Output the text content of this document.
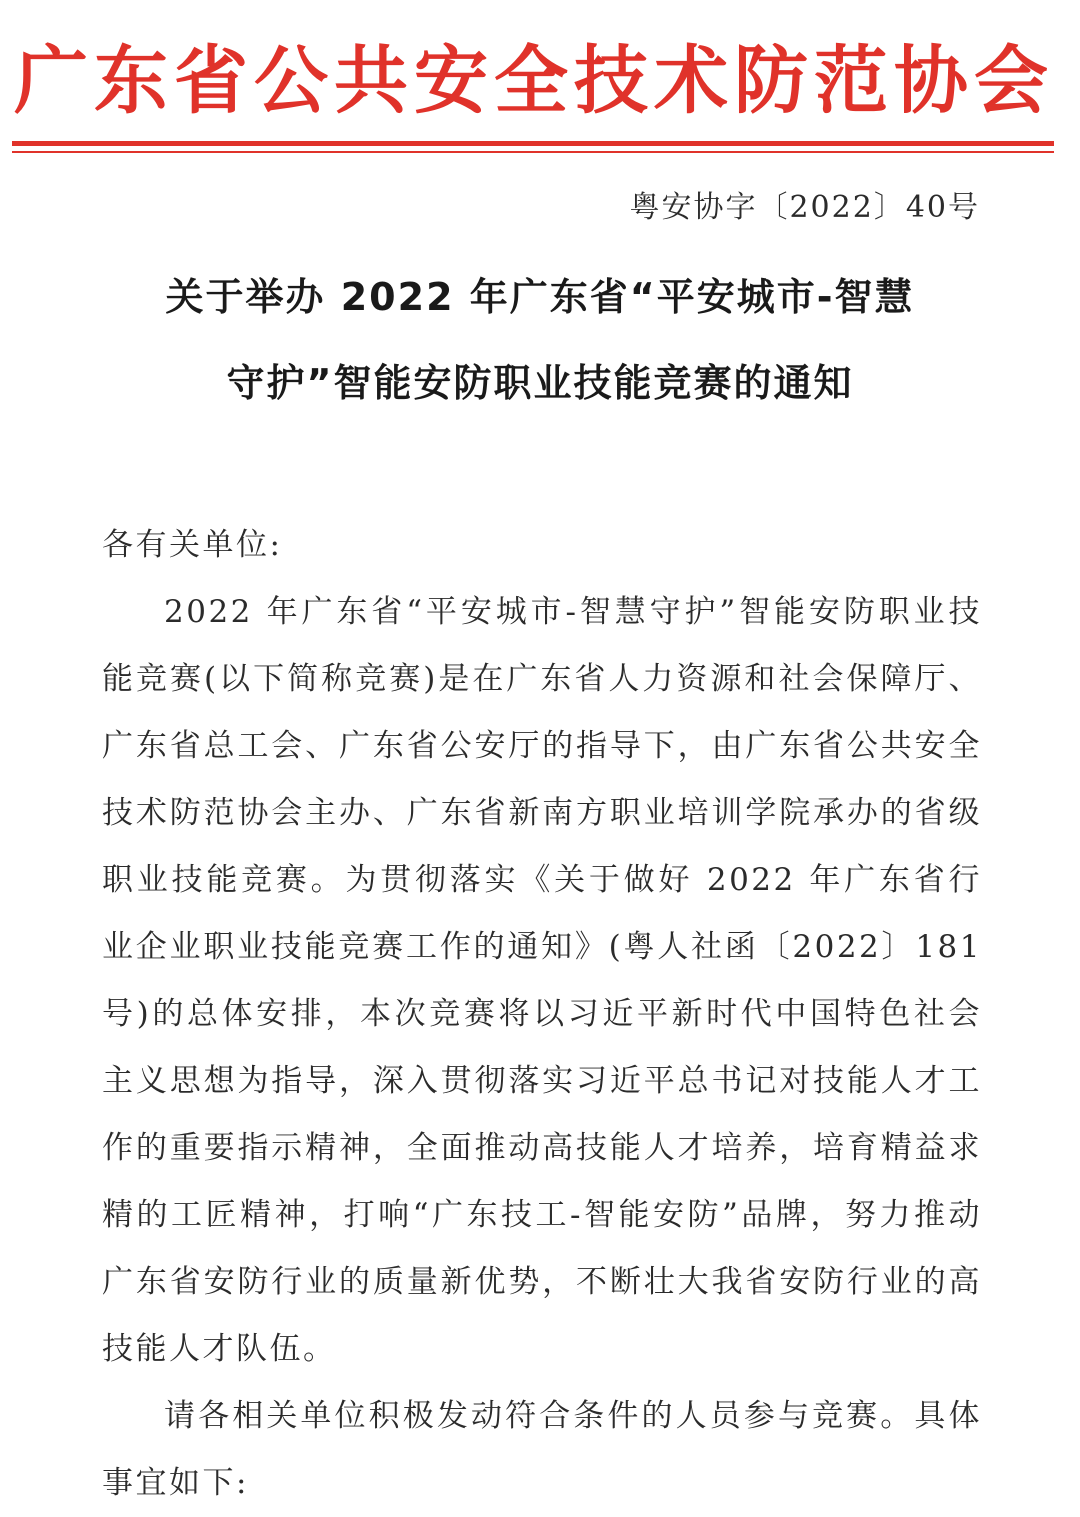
广东省公共安全技术防范协会
粤安协字〔2022〕40号
关于举办 2022 年广东省“平安城市-智慧
守护”智能安防职业技能竞赛的通知
各有关单位:

2022 年广东省“平安城市-智慧守护”智能安防职业技能竞赛(以下简称竞赛)是在广东省人力资源和社会保障厅、广东省总工会、广东省公安厅的指导下，由广东省公共安全技术防范协会主办、广东省新南方职业培训学院承办的省级职业技能竞赛。为贯彻落实《关于做好 2022 年广东省行业企业职业技能竞赛工作的通知》(粤人社函〔2022〕181 号)的总体安排，本次竞赛将以习近平新时代中国特色社会主义思想为指导，深入贯彻落实习近平总书记对技能人才工作的重要指示精神，全面推动高技能人才培养，培育精益求精的工匠精神，打响“广东技工-智能安防”品牌，努力推动广东省安防行业的质量新优势，不断壮大我省安防行业的高技能人才队伍。

请各相关单位积极发动符合条件的人员参与竞赛。具体事宜如下:
